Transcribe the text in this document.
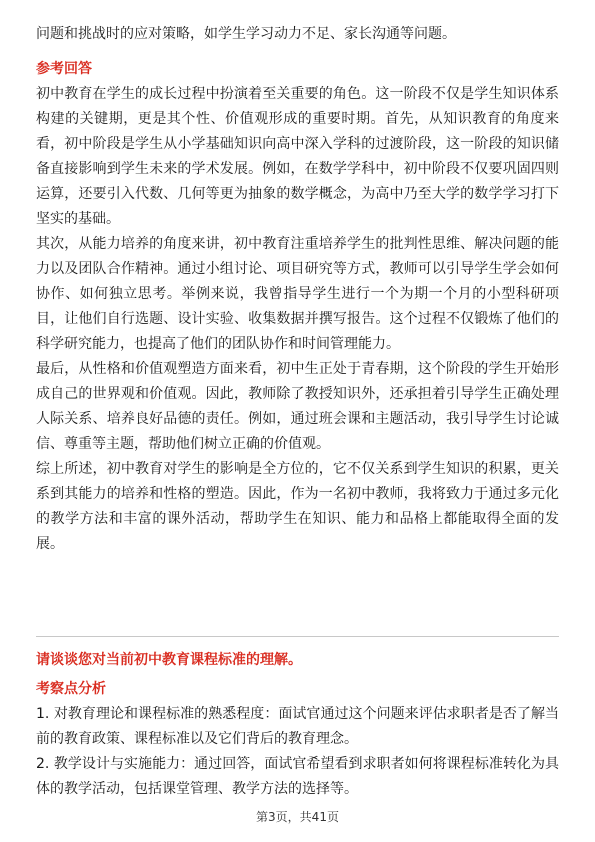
问题和挑战时的应对策略，如学生学习动力不足、家长沟通等问题。

参考回答

初中教育在学生的成长过程中扮演着至关重要的角色。这一阶段不仅是学生知识体系构建的关键期，更是其个性、价值观形成的重要时期。首先，从知识教育的角度来看，初中阶段是学生从小学基础知识向高中深入学科的过渡阶段，这一阶段的知识储备直接影响到学生未来的学术发展。例如，在数学学科中，初中阶段不仅要巩固四则运算，还要引入代数、几何等更为抽象的数学概念，为高中乃至大学的数学学习打下坚实的基础。

其次，从能力培养的角度来讲，初中教育注重培养学生的批判性思维、解决问题的能力以及团队合作精神。通过小组讨论、项目研究等方式，教师可以引导学生学会如何协作、如何独立思考。举例来说，我曾指导学生进行一个为期一个月的小型科研项目，让他们自行选题、设计实验、收集数据并撰写报告。这个过程不仅锻炼了他们的科学研究能力，也提高了他们的团队协作和时间管理能力。

最后，从性格和价值观塑造方面来看，初中生正处于青春期，这个阶段的学生开始形成自己的世界观和价值观。因此，教师除了教授知识外，还承担着引导学生正确处理人际关系、培养良好品德的责任。例如，通过班会课和主题活动，我引导学生讨论诚信、尊重等主题，帮助他们树立正确的价值观。

综上所述，初中教育对学生的影响是全方位的，它不仅关系到学生知识的积累，更关系到其能力的培养和性格的塑造。因此，作为一名初中教师，我将致力于通过多元化的教学方法和丰富的课外活动，帮助学生在知识、能力和品格上都能取得全面的发展。

请谈谈您对当前初中教育课程标准的理解。

考察点分析

1. 对教育理论和课程标准的熟悉程度：面试官通过这个问题来评估求职者是否了解当前的教育政策、课程标准以及它们背后的教育理念。

2. 教学设计与实施能力：通过回答，面试官希望看到求职者如何将课程标准转化为具体的教学活动，包括课堂管理、教学方法的选择等。

第3页，共41页
